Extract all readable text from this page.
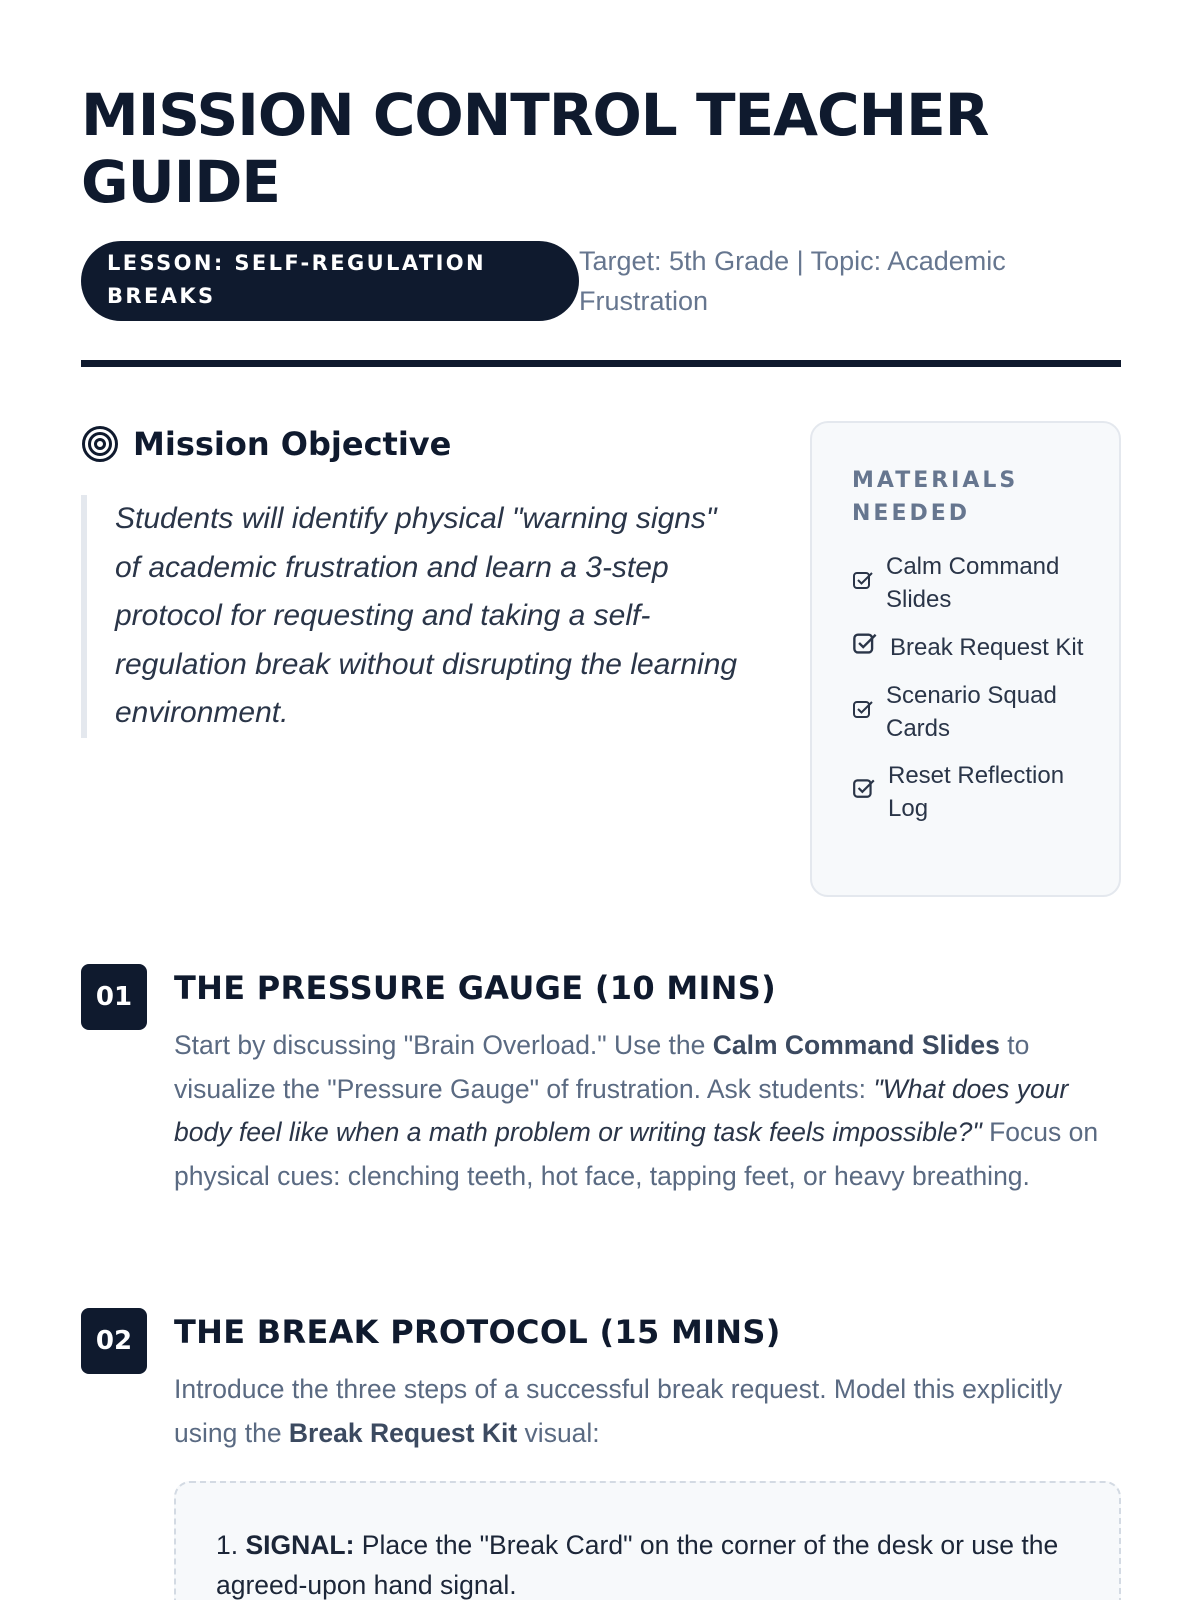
MISSION CONTROL TEACHER GUIDE
LESSON: SELF-REGULATION BREAKS
Target: 5th Grade | Topic: Academic Frustration
Mission Objective
Students will identify physical "warning signs" of academic frustration and learn a 3-step protocol for requesting and taking a self-regulation break without disrupting the learning environment.
MATERIALS NEEDED
Calm Command Slides
Break Request Kit
Scenario Squad Cards
Reset Reflection Log
01	THE PRESSURE GAUGE (10 MINS)
Start by discussing "Brain Overload." Use the Calm Command Slides to visualize the "Pressure Gauge" of frustration. Ask students: "What does your body feel like when a math problem or writing task feels impossible?" Focus on physical cues: clenching teeth, hot face, tapping feet, or heavy breathing.
02	THE BREAK PROTOCOL (15 MINS)
Introduce the three steps of a successful break request. Model this explicitly using the Break Request Kit visual:
1. SIGNAL: Place the "Break Card" on the corner of the desk or use the agreed-upon hand signal.
